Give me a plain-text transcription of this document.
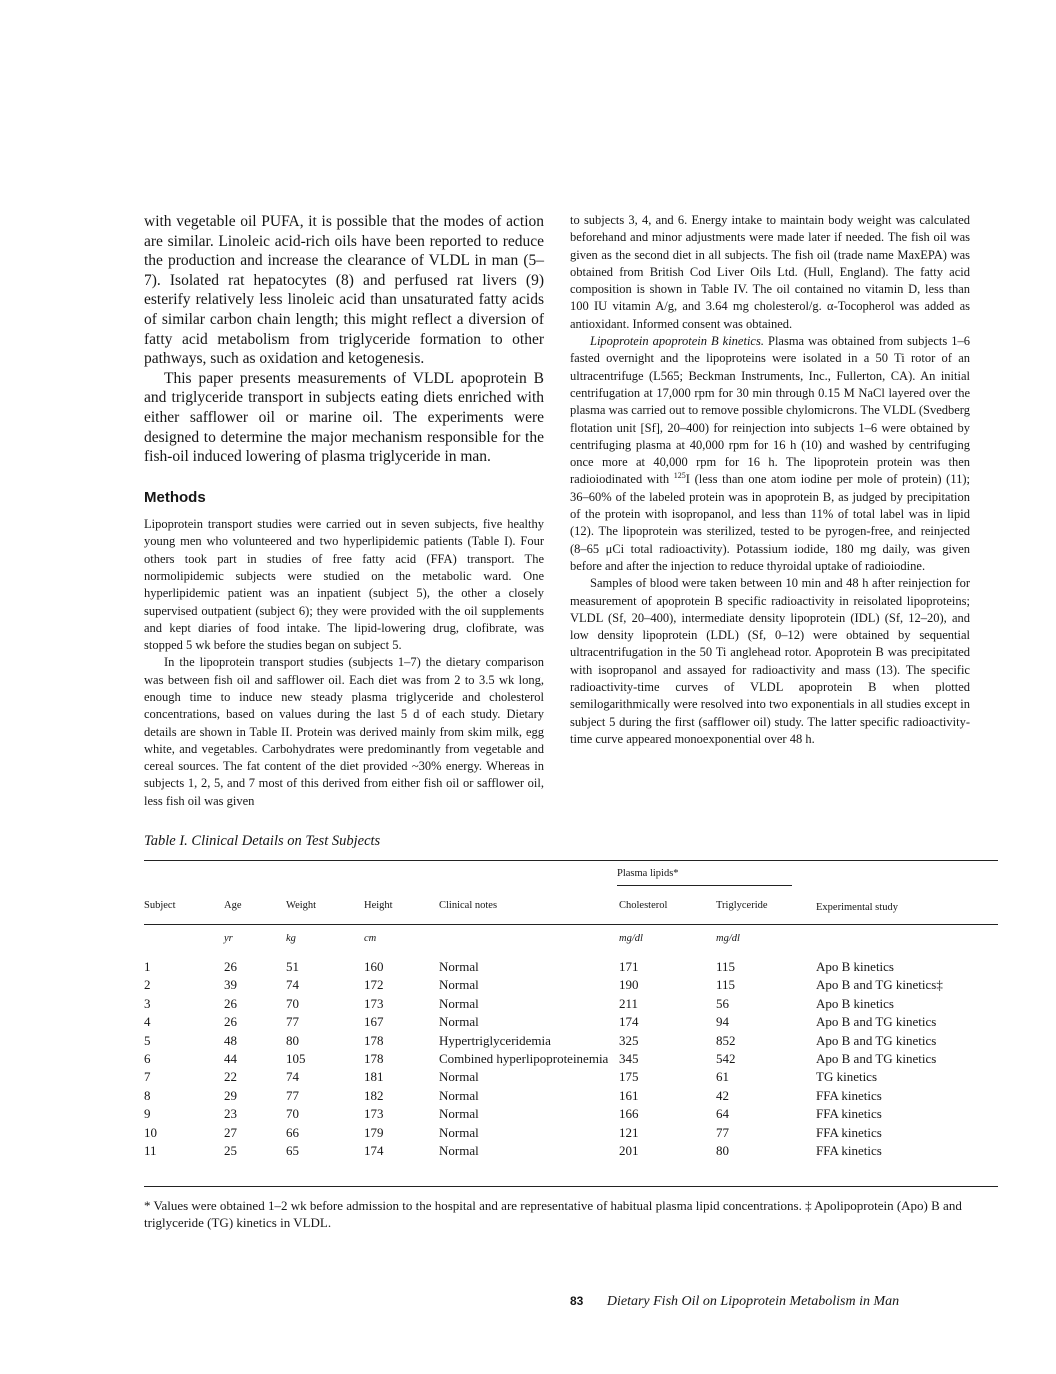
with vegetable oil PUFA, it is possible that the modes of action are similar. Linoleic acid-rich oils have been reported to reduce the production and increase the clearance of VLDL in man (5–7). Isolated rat hepatocytes (8) and perfused rat livers (9) esterify relatively less linoleic acid than unsaturated fatty acids of similar carbon chain length; this might reflect a diversion of fatty acid metabolism from triglyceride formation to other pathways, such as oxidation and ketogenesis.

This paper presents measurements of VLDL apoprotein B and triglyceride transport in subjects eating diets enriched with either safflower oil or marine oil. The experiments were designed to determine the major mechanism responsible for the fish-oil induced lowering of plasma triglyceride in man.

Methods

Lipoprotein transport studies were carried out in seven subjects, five healthy young men who volunteered and two hyperlipidemic patients (Table I). Four others took part in studies of free fatty acid (FFA) transport. The normolipidemic subjects were studied on the metabolic ward. One hyperlipidemic patient was an inpatient (subject 5), the other a closely supervised outpatient (subject 6); they were provided with the oil supplements and kept diaries of food intake. The lipid-lowering drug, clofibrate, was stopped 5 wk before the studies began on subject 5.

In the lipoprotein transport studies (subjects 1–7) the dietary comparison was between fish oil and safflower oil. Each diet was from 2 to 3.5 wk long, enough time to induce new steady plasma triglyceride and cholesterol concentrations, based on values during the last 5 d of each study. Dietary details are shown in Table II. Protein was derived mainly from skim milk, egg white, and vegetables. Carbohydrates were predominantly from vegetable and cereal sources. The fat content of the diet provided ~30% energy. Whereas in subjects 1, 2, 5, and 7 most of this derived from either fish oil or safflower oil, less fish oil was given

to subjects 3, 4, and 6. Energy intake to maintain body weight was calculated beforehand and minor adjustments were made later if needed. The fish oil was given as the second diet in all subjects. The fish oil (trade name MaxEPA) was obtained from British Cod Liver Oils Ltd. (Hull, England). The fatty acid composition is shown in Table IV. The oil contained no vitamin D, less than 100 IU vitamin A/g, and 3.64 mg cholesterol/g. α-Tocopherol was added as antioxidant. Informed consent was obtained.

Lipoprotein apoprotein B kinetics. Plasma was obtained from subjects 1–6 fasted overnight and the lipoproteins were isolated in a 50 Ti rotor of an ultracentrifuge (L565; Beckman Instruments, Inc., Fullerton, CA). An initial centrifugation at 17,000 rpm for 30 min through 0.15 M NaCl layered over the plasma was carried out to remove possible chylomicrons. The VLDL (Svedberg flotation unit [Sf], 20–400) for reinjection into subjects 1–6 were obtained by centrifuging plasma at 40,000 rpm for 16 h (10) and washed by centrifuging once more at 40,000 rpm for 16 h. The lipoprotein protein was then radioiodinated with $^{125}$I (less than one atom iodine per mole of protein) (11); 36–60% of the labeled protein was in apoprotein B, as judged by precipitation of the protein with isopropanol, and less than 11% of total label was in lipid (12). The lipoprotein was sterilized, tested to be pyrogen-free, and reinjected (8–65 μCi total radioactivity). Potassium iodide, 180 mg daily, was given before and after the injection to reduce thyroidal uptake of radioiodine.

Samples of blood were taken between 10 min and 48 h after reinjection for measurement of apoprotein B specific radioactivity in reisolated lipoproteins; VLDL (Sf, 20–400), intermediate density lipoprotein (IDL) (Sf, 12–20), and low density lipoprotein (LDL) (Sf, 0–12) were obtained by sequential ultracentrifugation in the 50 Ti anglehead rotor. Apoprotein B was precipitated with isopropanol and assayed for radioactivity and mass (13). The specific radioactivity-time curves of VLDL apoprotein B when plotted semilogarithmically were resolved into two exponentials in all studies except in subject 5 during the first (safflower oil) study. The latter specific radioactivity-time curve appeared monoexponential over 48 h.

Table I. Clinical Details on Test Subjects
					Plasma lipids*		
Subject	Age	Weight	Height	Clinical notes	Cholesterol	Triglyceride	Experimental study
	yr	kg	cm		mg/dl	mg/dl	
1	26	51	160	Normal	171	115	Apo B kinetics
2	39	74	172	Normal	190	115	Apo B and TG kinetics‡
3	26	70	173	Normal	211	56	Apo B kinetics
4	26	77	167	Normal	174	94	Apo B and TG kinetics
5	48	80	178	Hypertriglyceridemia	325	852	Apo B and TG kinetics
6	44	105	178	Combined hyperlipoproteinemia	345	542	Apo B and TG kinetics
7	22	74	181	Normal	175	61	TG kinetics
8	29	77	182	Normal	161	42	FFA kinetics
9	23	70	173	Normal	166	64	FFA kinetics
10	27	66	179	Normal	121	77	FFA kinetics
11	25	65	174	Normal	201	80	FFA kinetics
* Values were obtained 1–2 wk before admission to the hospital and are representative of habitual plasma lipid concentrations. ‡ Apolipoprotein (Apo) B and triglyceride (TG) kinetics in VLDL.
83 Dietary Fish Oil on Lipoprotein Metabolism in Man
